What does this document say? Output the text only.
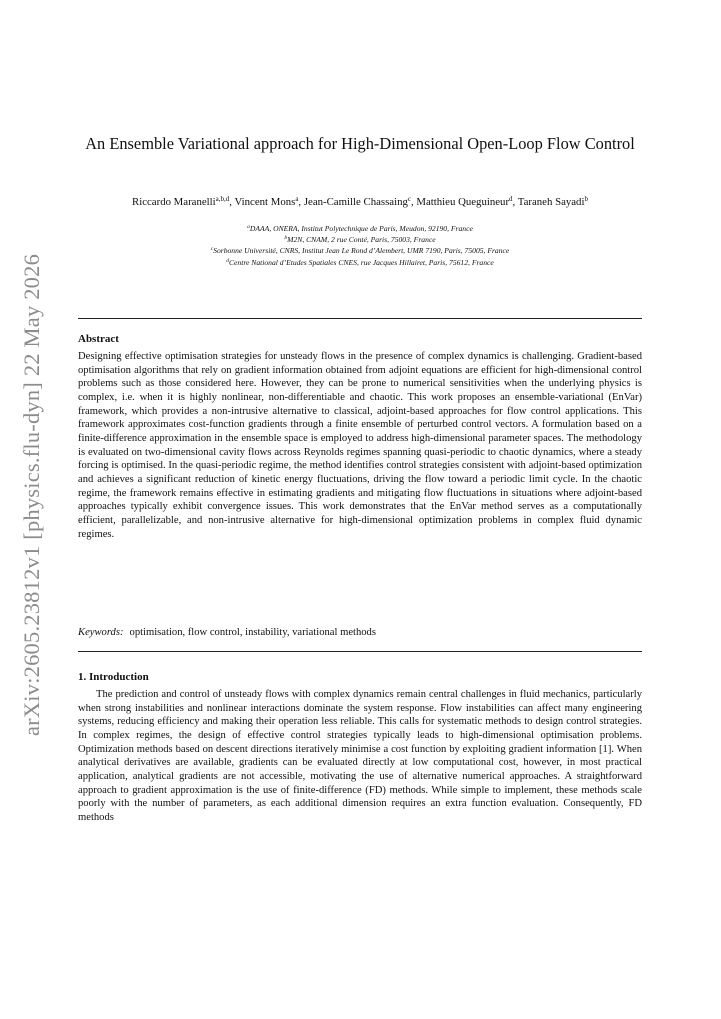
arXiv:2605.23812v1 [physics.flu-dyn] 22 May 2026
An Ensemble Variational approach for High-Dimensional Open-Loop Flow Control
Riccardo Maranelli$^{a,b,d}$, Vincent Mons$^a$, Jean-Camille Chassaing$^c$, Matthieu Queguineur$^d$, Taraneh Sayadi$^b$
$^a$DAAA, ONERA, Institut Polytechnique de Paris, Meudon, 92190, France
$^b$M2N, CNAM, 2 rue Conté, Paris, 75003, France
$^c$Sorbonne Université, CNRS, Institut Jean Le Rond d’Alembert, UMR 7190, Paris, 75005, France
$^d$Centre National d’Etudes Spatiales CNES, rue Jacques Hillairet, Paris, 75612, France
Abstract
Designing effective optimisation strategies for unsteady flows in the presence of complex dynamics is challenging. Gradient-based optimisation algorithms that rely on gradient information obtained from adjoint equations are efficient for high-dimensional control problems such as those considered here. However, they can be prone to numerical sensitivities when the underlying physics is complex, i.e. when it is highly nonlinear, non-differentiable and chaotic. This work proposes an ensemble-variational (EnVar) framework, which provides a non-intrusive alternative to classical, adjoint-based approaches for flow control applications. This framework approximates cost-function gradients through a finite ensemble of perturbed control vectors. A formulation based on a finite-difference approximation in the ensemble space is employed to address high-dimensional parameter spaces. The methodology is evaluated on two-dimensional cavity flows across Reynolds regimes spanning quasi-periodic to chaotic dynamics, where a steady forcing is optimised. In the quasi-periodic regime, the method identifies control strategies consistent with adjoint-based optimization and achieves a significant reduction of kinetic energy fluctuations, driving the flow toward a periodic limit cycle. In the chaotic regime, the framework remains effective in estimating gradients and mitigating flow fluctuations in situations where adjoint-based approaches typically exhibit convergence issues. This work demonstrates that the EnVar method serves as a computationally efficient, parallelizable, and non-intrusive alternative for high-dimensional optimization problems in complex fluid dynamic regimes.
Keywords: optimisation, flow control, instability, variational methods
1. Introduction
The prediction and control of unsteady flows with complex dynamics remain central challenges in fluid mechanics, particularly when strong instabilities and nonlinear interactions dominate the system response. Flow instabilities can affect many engineering systems, reducing efficiency and making their operation less reliable. This calls for systematic methods to design control strategies. In complex regimes, the design of effective control strategies typically leads to high-dimensional optimisation problems. Optimization methods based on descent directions iteratively minimise a cost function by exploiting gradient information [1]. When analytical derivatives are available, gradients can be evaluated directly at low computational cost, however, in most practical application, analytical gradients are not accessible, motivating the use of alternative numerical approaches. A straightforward approach to gradient approximation is the use of finite-difference (FD) methods. While simple to implement, these methods scale poorly with the number of parameters, as each additional dimension requires an extra function evaluation. Consequently, FD methods
